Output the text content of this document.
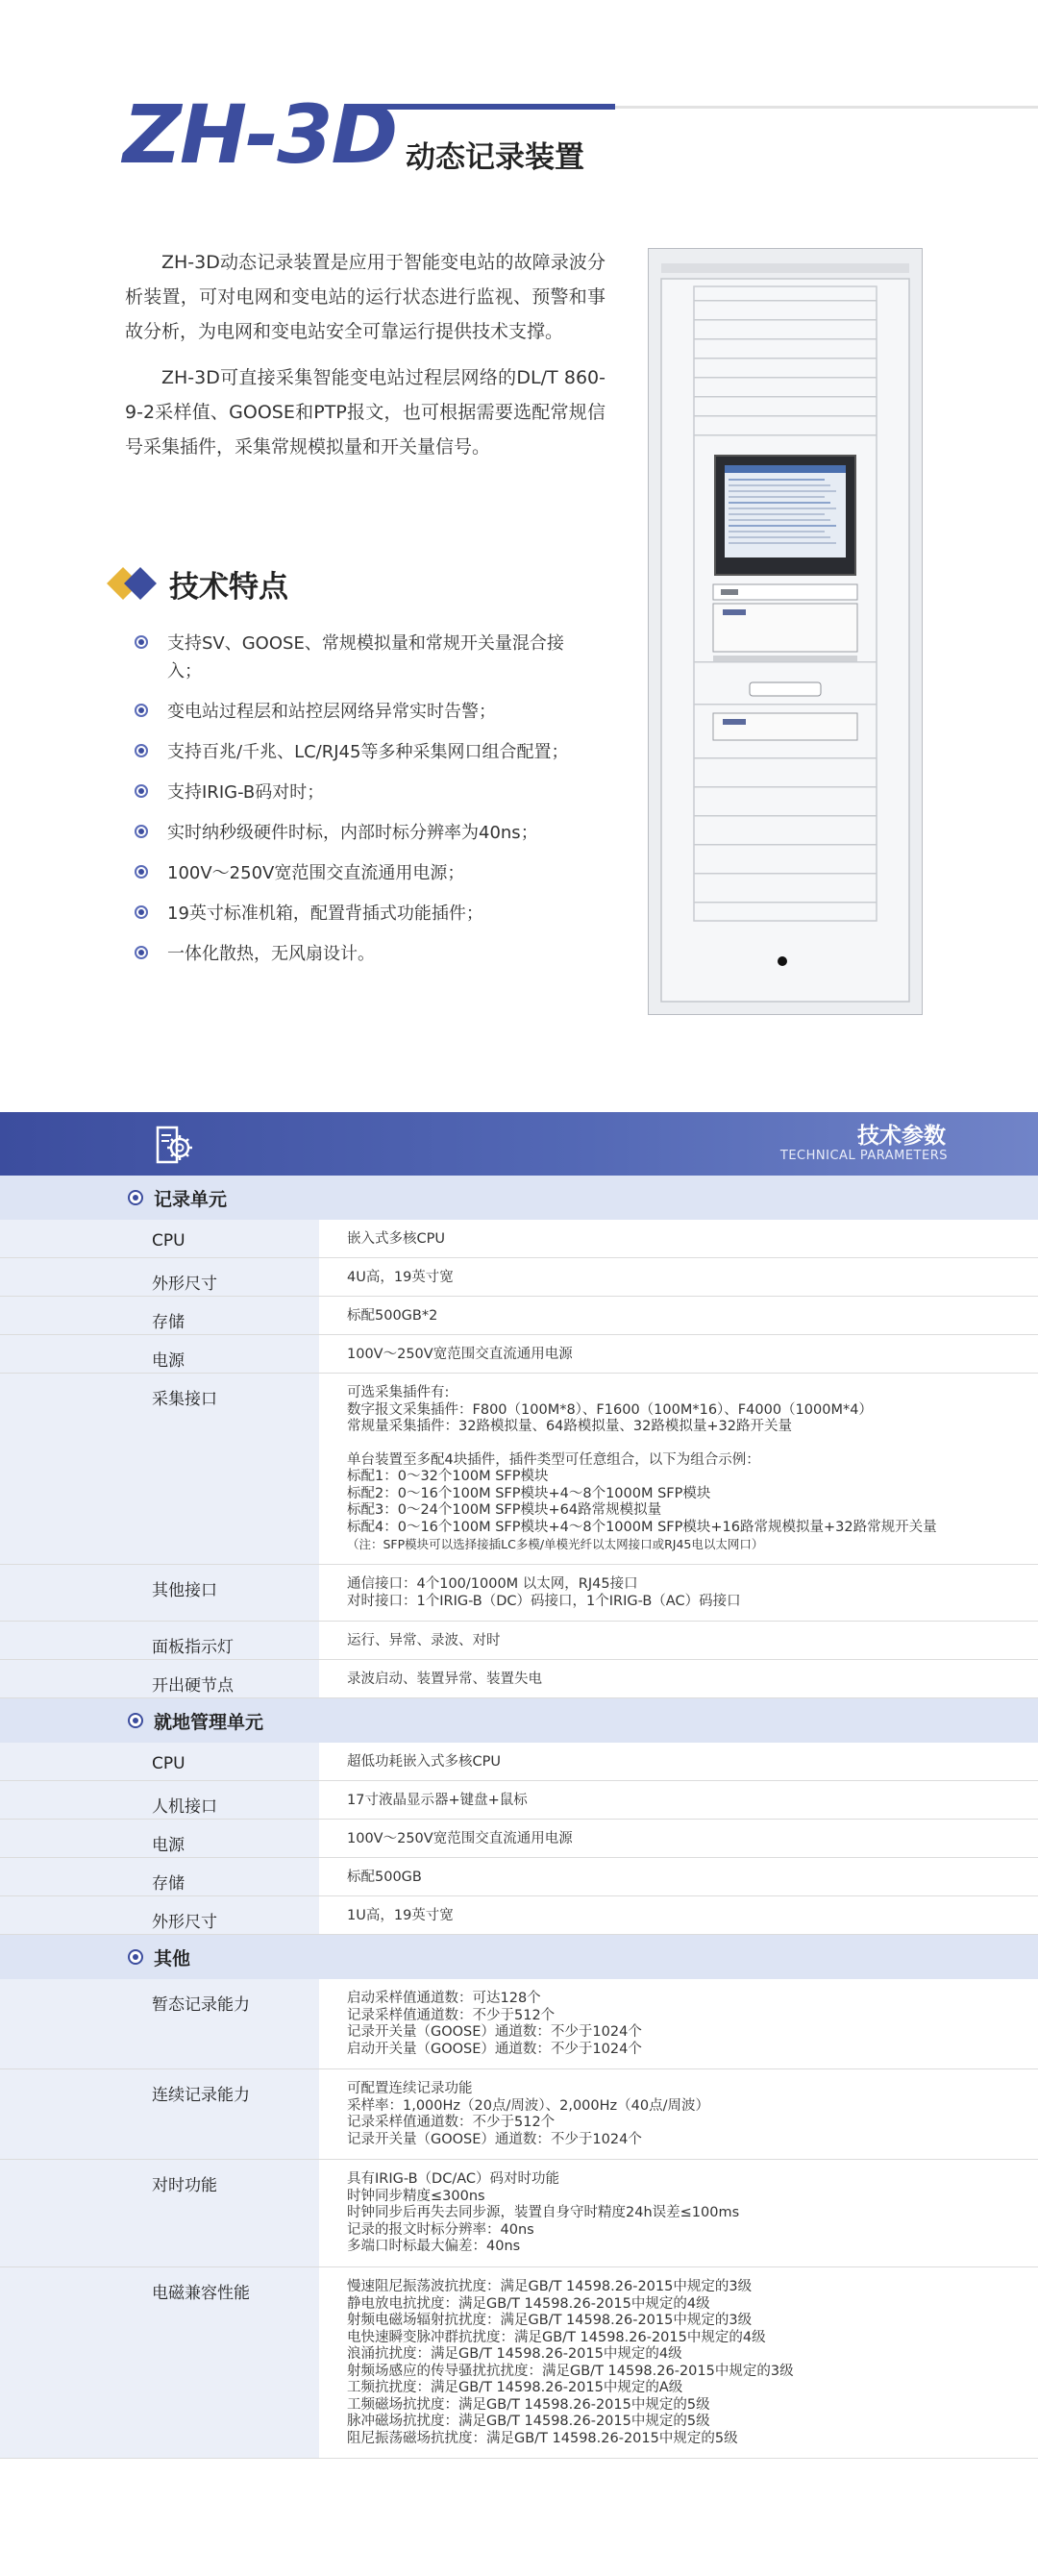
ZH-3D 动态记录装置

ZH-3D动态记录装置是应用于智能变电站的故障录波分析装置，可对电网和变电站的运行状态进行监视、预警和事故分析，为电网和变电站安全可靠运行提供技术支撑。

ZH-3D可直接采集智能变电站过程层网络的DL/T 860-9-2采样值、GOOSE和PTP报文，也可根据需要选配常规信号采集插件，采集常规模拟量和开关量信号。

技术特点
支持SV、GOOSE、常规模拟量和常规开关量混合接入；
变电站过程层和站控层网络异常实时告警；
支持百兆/千兆、LC/RJ45等多种采集网口组合配置；
支持IRIG-B码对时；
实时纳秒级硬件时标，内部时标分辨率为40ns；
100V～250V宽范围交直流通用电源；
19英寸标准机箱，配置背插式功能插件；
一体化散热，无风扇设计。
技术参数
TECHNICAL PARAMETERS
记录单元
CPU	嵌入式多核CPU
外形尺寸	4U高，19英寸宽
存储	标配500GB*2
电源	100V～250V宽范围交直流通用电源
采集接口	可选采集插件有:
数字报文采集插件：F800（100M*8）、F1600（100M*16）、F4000（1000M*4）
常规量采集插件：32路模拟量、64路模拟量、32路模拟量+32路开关量
单台装置至多配4块插件，插件类型可任意组合，以下为组合示例：
标配1：0～32个100M SFP模块
标配2：0～16个100M SFP模块+4～8个1000M SFP模块
标配3：0～24个100M SFP模块+64路常规模拟量
标配4：0～16个100M SFP模块+4～8个1000M SFP模块+16路常规模拟量+32路常规开关量
（注：SFP模块可以选择接插LC多模/单模光纤以太网接口或RJ45电以太网口）
其他接口	通信接口：4个100/1000M 以太网，RJ45接口
对时接口：1个IRIG-B（DC）码接口，1个IRIG-B（AC）码接口
面板指示灯	运行、异常、录波、对时
开出硬节点	录波启动、装置异常、装置失电
就地管理单元
CPU	超低功耗嵌入式多核CPU
人机接口	17寸液晶显示器+键盘+鼠标
电源	100V～250V宽范围交直流通用电源
存储	标配500GB
外形尺寸	1U高，19英寸宽
其他
暂态记录能力	启动采样值通道数：可达128个
记录采样值通道数：不少于512个
记录开关量（GOOSE）通道数：不少于1024个
启动开关量（GOOSE）通道数：不少于1024个
连续记录能力	可配置连续记录功能
采样率：1,000Hz（20点/周波）、2,000Hz（40点/周波）
记录采样值通道数：不少于512个
记录开关量（GOOSE）通道数：不少于1024个
对时功能	具有IRIG-B（DC/AC）码对时功能
时钟同步精度≤300ns
时钟同步后再失去同步源，装置自身守时精度24h误差≤100ms
记录的报文时标分辨率：40ns
多端口时标最大偏差：40ns
电磁兼容性能	慢速阻尼振荡波抗扰度：满足GB/T 14598.26-2015中规定的3级
静电放电抗扰度：满足GB/T 14598.26-2015中规定的4级
射频电磁场辐射抗扰度：满足GB/T 14598.26-2015中规定的3级
电快速瞬变脉冲群抗扰度：满足GB/T 14598.26-2015中规定的4级
浪涌抗扰度：满足GB/T 14598.26-2015中规定的4级
射频场感应的传导骚扰抗扰度：满足GB/T 14598.26-2015中规定的3级
工频抗扰度：满足GB/T 14598.26-2015中规定的A级
工频磁场抗扰度：满足GB/T 14598.26-2015中规定的5级
脉冲磁场抗扰度：满足GB/T 14598.26-2015中规定的5级
阻尼振荡磁场抗扰度：满足GB/T 14598.26-2015中规定的5级
